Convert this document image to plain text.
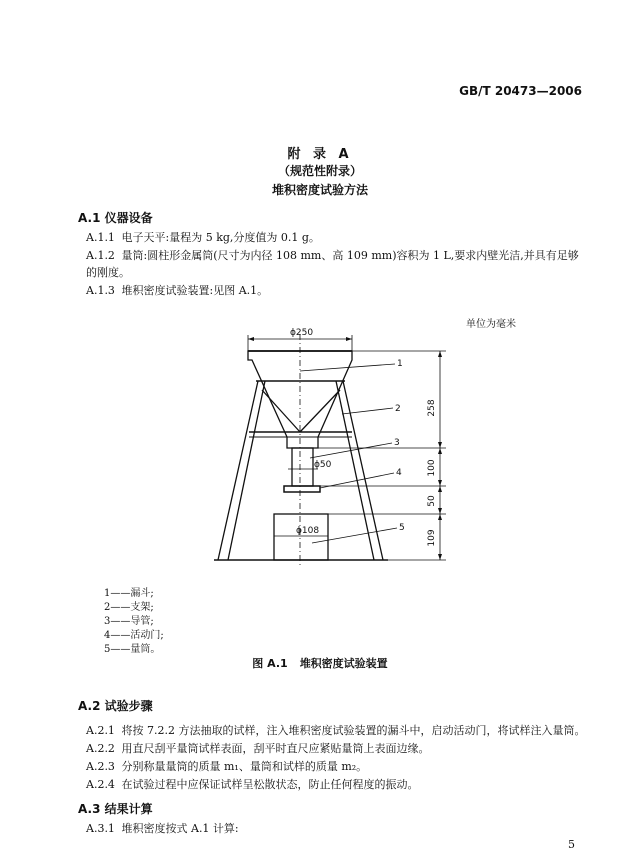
GB/T 20473—2006
附 录 A
（规范性附录）
堆积密度试验方法
A.1 仪器设备
A.1.1 电子天平:量程为 5 kg,分度值为 0.1 g。
A.1.2 量筒:圆柱形金属筒(尺寸为内径 108 mm、高 109 mm)容积为 1 L,要求内壁光洁,并具有足够
的刚度。
A.1.3 堆积密度试验装置:见图 A.1。
单位为毫米
ϕ250
ϕ50
ϕ108
258
100
50
109
1
2
3
4
5
1——漏斗;
2——支架;
3——导管;
4——活动门;
5——量筒。
图 A.1 堆积密度试验装置
A.2 试验步骤
A.2.1 将按 7.2.2 方法抽取的试样，注入堆积密度试验装置的漏斗中，启动活动门，将试样注入量筒。
A.2.2 用直尺刮平量筒试样表面，刮平时直尺应紧贴量筒上表面边缘。
A.2.3 分别称量量筒的质量 m₁、量筒和试样的质量 m₂。
A.2.4 在试验过程中应保证试样呈松散状态，防止任何程度的振动。
A.3 结果计算
A.3.1 堆积密度按式 A.1 计算:
5
